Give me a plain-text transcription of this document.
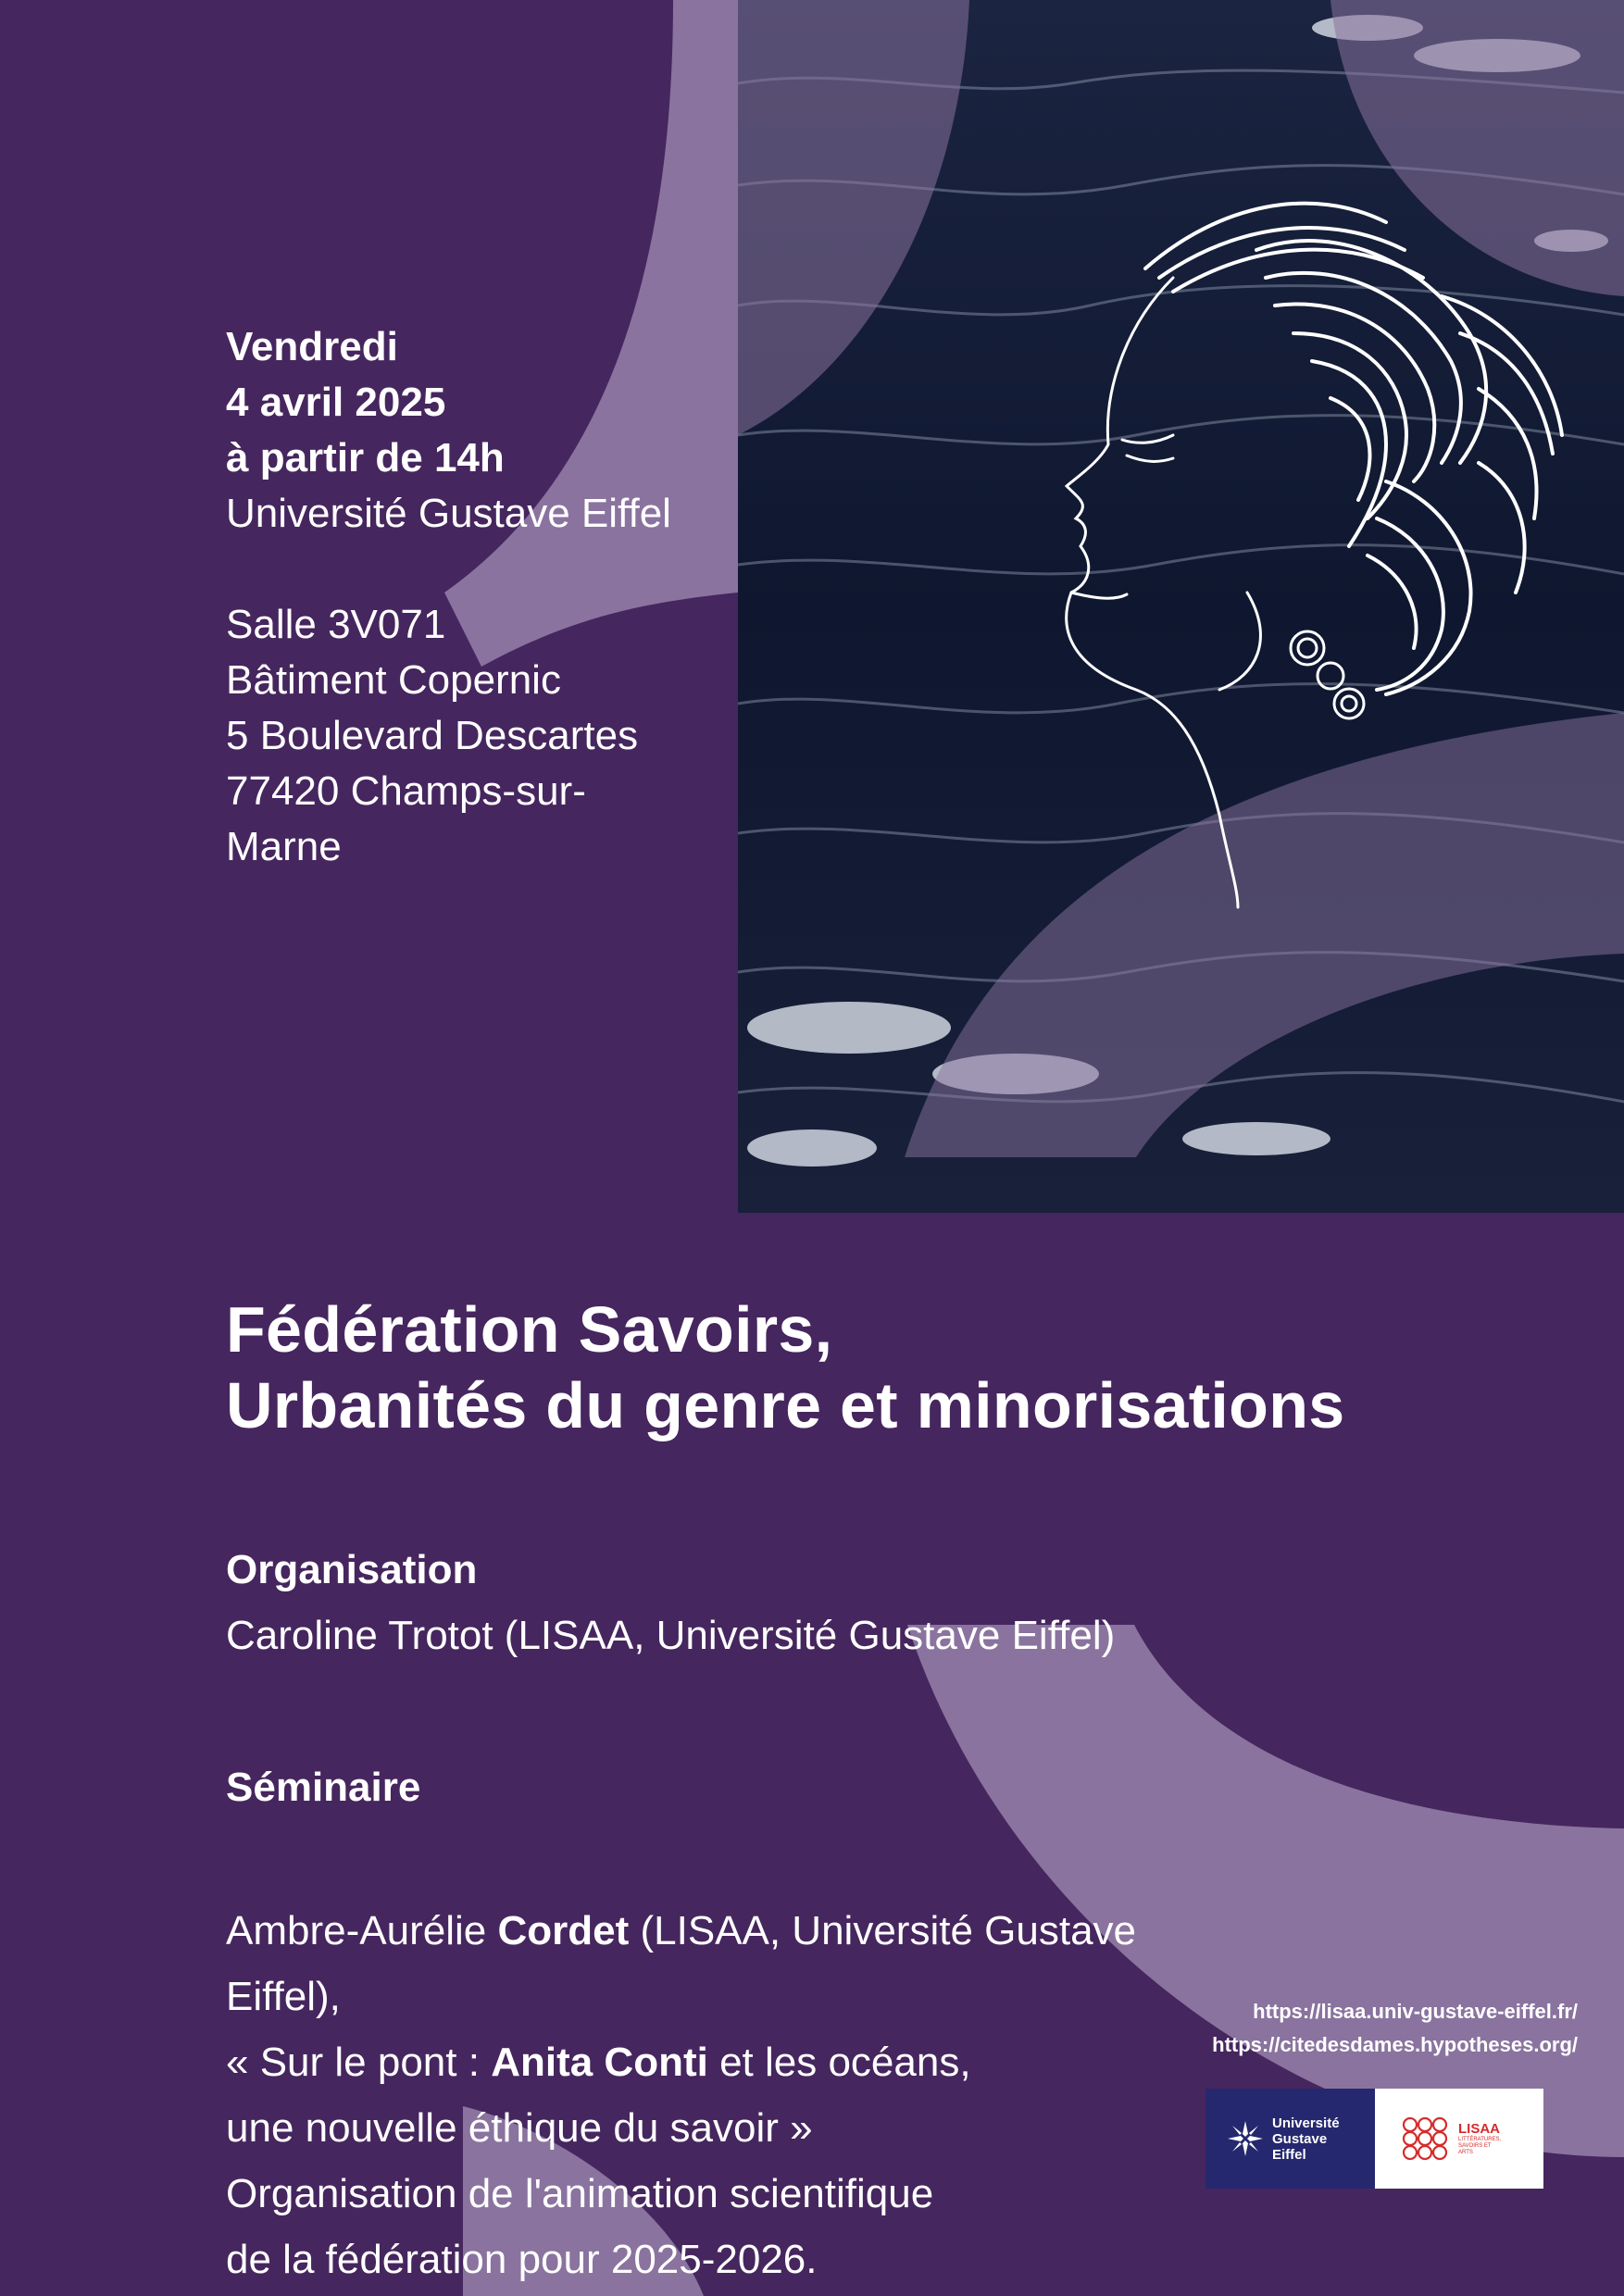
Vendredi
4 avril 2025
à partir de 14h
Université Gustave Eiffel
Salle 3V071
Bâtiment Copernic
5 Boulevard Descartes
77420 Champs-sur-
Marne
Fédération Savoirs,
Urbanités du genre et minorisations
Organisation
Caroline Trotot (LISAA, Université Gustave Eiffel)
Séminaire
Ambre-Aurélie Cordet (LISAA, Université Gustave Eiffel),
« Sur le pont : Anita Conti et les océans,
une nouvelle éthique du savoir »
Organisation de l'animation scientifique
de la fédération pour 2025-2026.
https://lisaa.univ-gustave-eiffel.fr/
https://citedesdames.hypotheses.org/
Université
Gustave
Eiffel
LISAA
LITTÉRATURES,
SAVOIRS ET
ARTS
